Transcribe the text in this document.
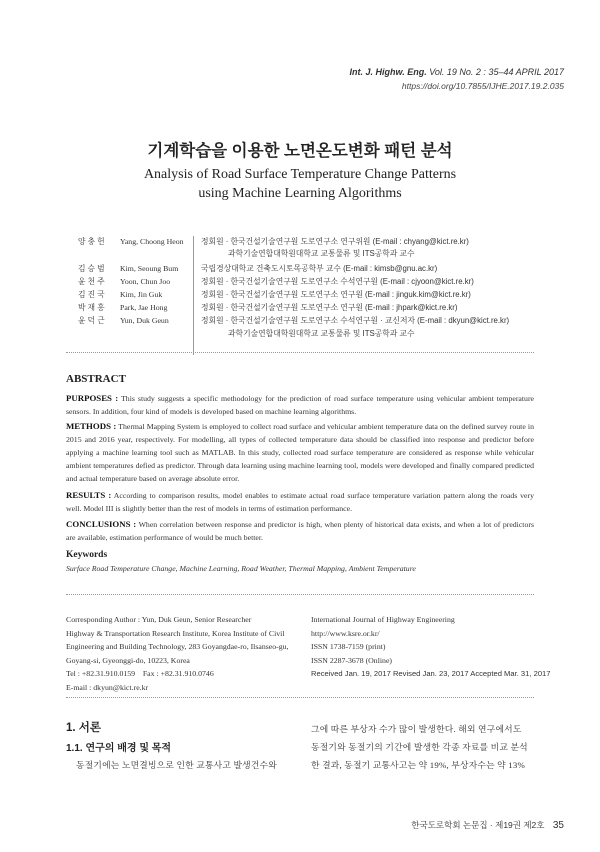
Int. J. Highw. Eng. Vol. 19 No. 2 : 35–44 APRIL 2017
https://doi.org/10.7855/IJHE.2017.19.2.035
기계학습을 이용한 노면온도변화 패턴 분석
Analysis of Road Surface Temperature Change Patterns
using Machine Learning Algorithms
양충헌	Yang, Choong Heon	정회원 · 한국건설기술연구원 도로연구소 연구위원 (E-mail : chyang@kict.re.kr)
과학기술연합대학원대학교 교통물류 및 ITS공학과 교수
김승범	Kim, Seoung Bum	국립경상대학교 건축도시토목공학부 교수 (E-mail : kimsb@gnu.ac.kr)
윤천주	Yoon, Chun Joo	정회원 · 한국건설기술연구원 도로연구소 수석연구원 (E-mail : cjyoon@kict.re.kr)
김진국	Kim, Jin Guk	정회원 · 한국건설기술연구원 도로연구소 연구원 (E-mail : jinguk.kim@kict.re.kr)
박재홍	Park, Jae Hong	정회원 · 한국건설기술연구원 도로연구소 연구원 (E-mail : jhpark@kict.re.kr)
윤덕근	Yun, Duk Geun	정회원 · 한국건설기술연구원 도로연구소 수석연구원 · 교신저자 (E-mail : dkyun@kict.re.kr)
과학기술연합대학원대학교 교통물류 및 ITS공학과 교수
ABSTRACT
PURPOSES : This study suggests a specific methodology for the prediction of road surface temperature using vehicular ambient temperature sensors. In addition, four kind of models is developed based on machine learning algorithms.
METHODS : Thermal Mapping System is employed to collect road surface and vehicular ambient temperature data on the defined survey route in 2015 and 2016 year, respectively. For modelling, all types of collected temperature data should be classified into response and predictor before applying a machine learning tool such as MATLAB. In this study, collected road surface temperature are considered as response while vehicular ambient temperatures defied as predictor. Through data learning using machine learning tool, models were developed and finally compared predicted and actual temperature based on average absolute error.
RESULTS : According to comparison results, model enables to estimate actual road surface temperature variation pattern along the roads very well. Model III is slightly better than the rest of models in terms of estimation performance.
CONCLUSIONS : When correlation between response and predictor is high, when plenty of historical data exists, and when a lot of predictors are available, estimation performance of would be much better.
Keywords
Surface Road Temperature Change, Machine Learning, Road Weather, Thermal Mapping, Ambient Temperature
Corresponding Author : Yun, Duk Geun, Senior Researcher
Highway & Transportation Research Institute, Korea Institute of Civil
Engineering and Building Technology, 283 Goyangdae-ro, Ilsanseo-gu,
Goyang-si, Gyeonggi-do, 10223, Korea
Tel : +82.31.910.0159    Fax : +82.31.910.0746
E-mail : dkyun@kict.re.kr
International Journal of Highway Engineering
http://www.ksre.or.kr/
ISSN 1738-7159 (print)
ISSN 2287-3678 (Online)
Received Jan. 19, 2017 Revised Jan. 23, 2017 Accepted Mar. 31, 2017
1. 서론
1.1. 연구의 배경 및 목적
동절기에는 노면결빙으로 인한 교통사고 발생건수와
그에 따른 부상자 수가 많이 발생한다. 해외 연구에서도
동절기와 동절기의 기간에 발생한 각종 자료를 비교 분석
한 결과, 동절기 교통사고는 약 19%, 부상자수는 약 13%
한국도로학회 논문집 · 제19권 제2호 35
